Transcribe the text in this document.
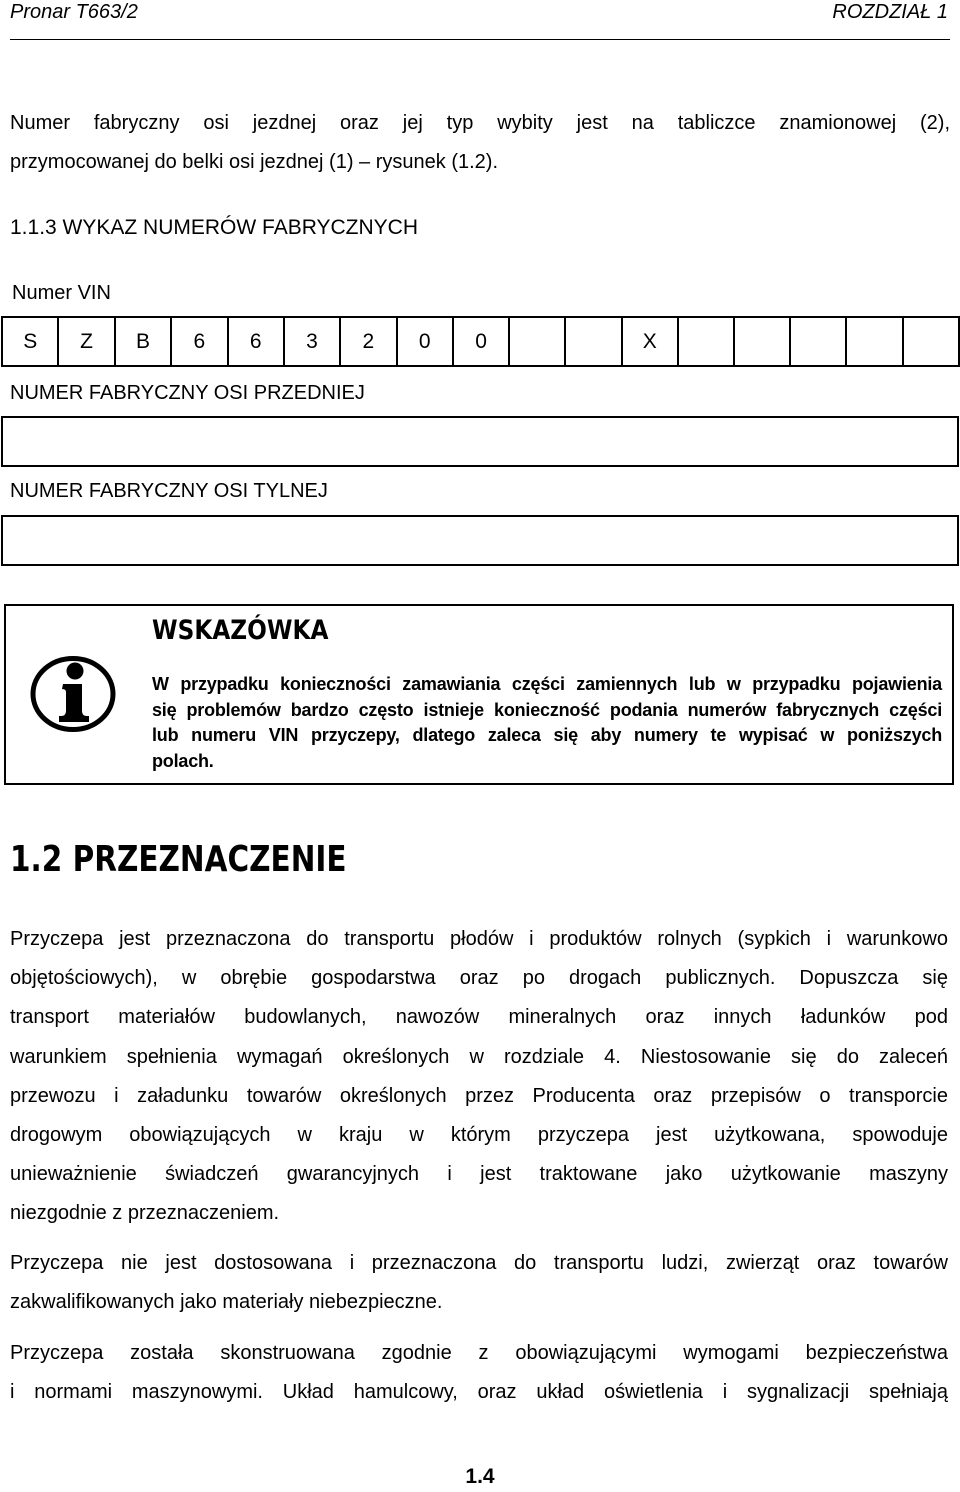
Pronar T663/2	ROZDZIAŁ 1
Numer fabryczny osi jezdnej oraz jej typ wybity jest na tabliczce znamionowej (2),
przymocowanej do belki osi jezdnej (1) – rysunek (1.2).
1.1.3 WYKAZ NUMERÓW FABRYCZNYCH
Numer VIN
S	Z	B	6	6	3	2	0	0			X					
NUMER FABRYCZNY OSI PRZEDNIEJ
NUMER FABRYCZNY OSI TYLNEJ
WSKAZÓWKA
W przypadku konieczności zamawiania części zamiennych lub w przypadku pojawienia
się problemów bardzo często istnieje konieczność podania numerów fabrycznych części
lub numeru VIN przyczepy, dlatego zaleca się aby numery te wypisać w poniższych
polach.
1.2 PRZEZNACZENIE
Przyczepa jest przeznaczona do transportu płodów i produktów rolnych (sypkich i warunkowo
objętościowych), w obrębie gospodarstwa oraz po drogach publicznych. Dopuszcza się
transport materiałów budowlanych, nawozów mineralnych oraz innych ładunków pod
warunkiem spełnienia wymagań określonych w rozdziale 4. Niestosowanie się do zaleceń
przewozu i załadunku towarów określonych przez Producenta oraz przepisów o transporcie
drogowym obowiązujących w kraju w którym przyczepa jest użytkowana, spowoduje
unieważnienie świadczeń gwarancyjnych i jest traktowane jako użytkowanie maszyny
niezgodnie z przeznaczeniem.
Przyczepa nie jest dostosowana i przeznaczona do transportu ludzi, zwierząt oraz towarów
zakwalifikowanych jako materiały niebezpieczne.
Przyczepa została skonstruowana zgodnie z obowiązującymi wymogami bezpieczeństwa
i normami maszynowymi. Układ hamulcowy, oraz układ oświetlenia i sygnalizacji spełniają
1.4
